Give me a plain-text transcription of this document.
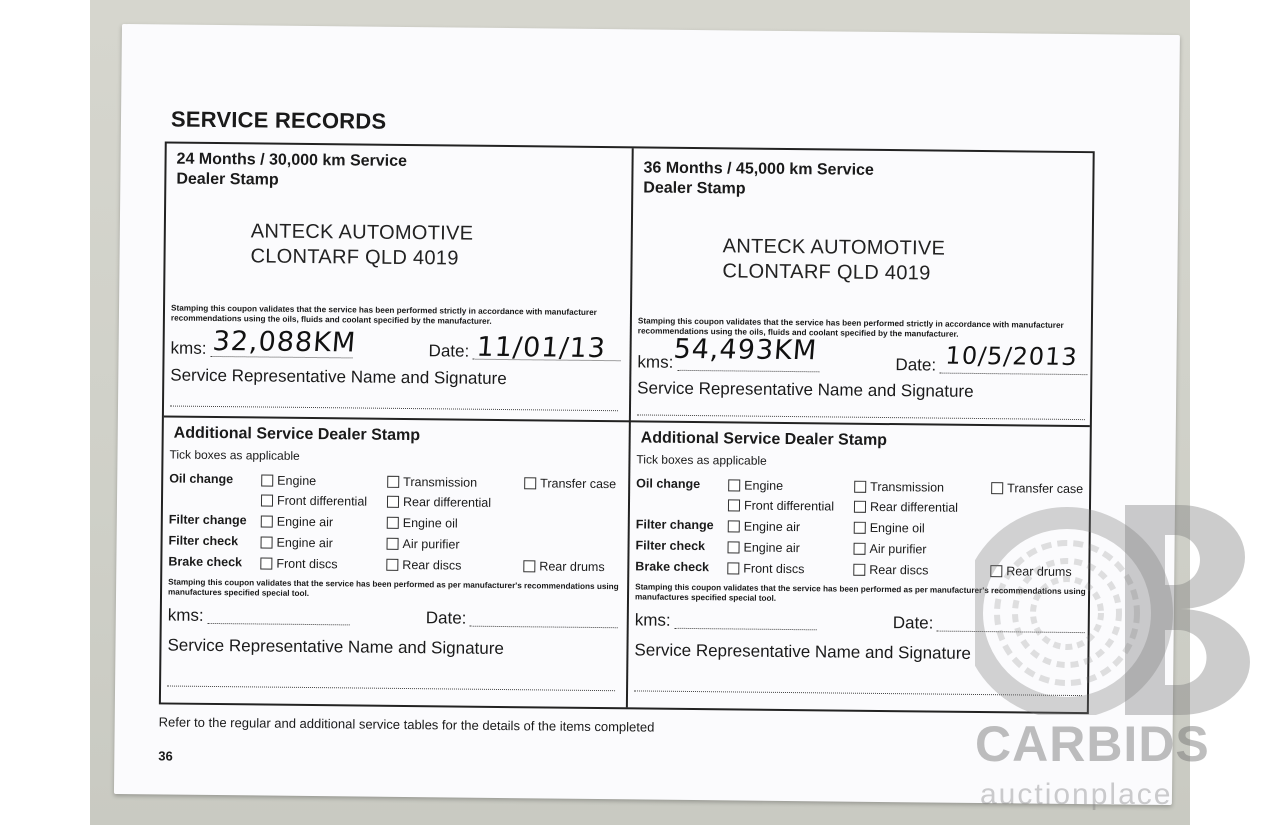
SERVICE RECORDS
24 Months / 30,000 km Service
Dealer Stamp
ANTECK AUTOMOTIVE
CLONTARF QLD 4019
Stamping this coupon validates that the service has been performed strictly in accordance with manufacturer recommendations using the oils, fluids and coolant specified by the manufacturer.
kms:	Date:
32,088KM	11/01/13
Service Representative Name and Signature
36 Months / 45,000 km Service
Dealer Stamp
ANTECK AUTOMOTIVE
CLONTARF QLD 4019
Stamping this coupon validates that the service has been performed strictly in accordance with manufacturer recommendations using the oils, fluids and coolant specified by the manufacturer.
kms:	Date:
54,493KM	10/5/2013
Service Representative Name and Signature
Additional Service Dealer Stamp
Tick boxes as applicable
Oil change	Engine	Transmission	Transfer case
Front differential	Rear differential
Filter change Engine air	Engine oil
Filter check	Engine air	Air purifier
Brake check	Front discs	Rear discs	Rear drums
Stamping this coupon validates that the service has been performed as per manufacturer's recommendations using manufactures specified special tool.
kms:	Date:
Service Representative Name and Signature
Additional Service Dealer Stamp
Tick boxes as applicable
Oil change	Engine	Transmission	Transfer case
Front differential	Rear differential
Filter change Engine air	Engine oil
Filter check	Engine air	Air purifier
Brake check	Front discs	Rear discs	Rear drums
Stamping this coupon validates that the service has been performed as per manufacturer's recommendations using manufactures specified special tool.
kms:	Date:
Service Representative Name and Signature
Refer to the regular and additional service tables for the details of the items completed
36	CARBIDS
auctionplace
